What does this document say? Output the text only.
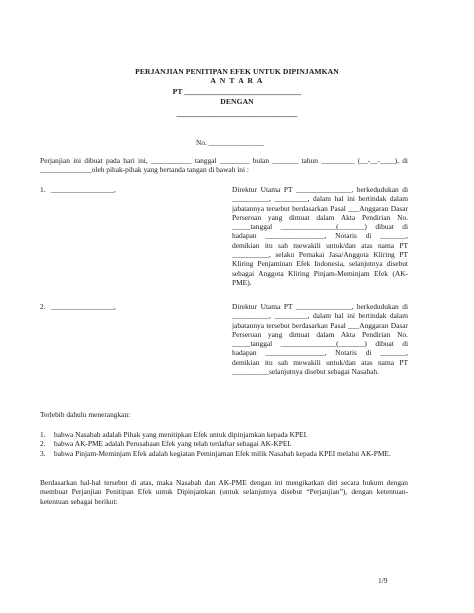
PERJANJIAN PENITIPAN EFEK UNTUK DIPINJAMKAN
A N T A R A
PT ______________________________
DENGAN
_______________________________
No. _______________
Perjanjian ini dibuat pada hari ini, ___________ tanggal ________ bulan _______ tahun _________ (__-__-____), di ______________oleh pihak-pihak yang bertanda tangan di bawah ini :
1. _________________,	Direktur Utama PT _______________, berkedudukan di __________, _________, dalam hal ini bertindak dalam jabatannya tersebut berdasarkan Pasal ___Anggaran Dasar Perseroan yang dimuat dalam Akta Pendirian No. _____tanggal _______________(_______) dibuat di hadapan ________________, Notaris di _______, demikian itu sah mewakili untuk/dan atas nama PT __________, selaku Pemakai Jasa/Anggota Kliring PT Kliring Penjaminan Efek Indonesia, selanjutnya disebut sebagai Anggota Kliring Pinjam-Meminjam Efek (AK-PME).
2. _________________,	Direktur Utama PT _______________, berkedudukan di __________, _________, dalam hal ini bertindak dalam jabatannya tersebut berdasarkan Pasal ___Anggaran Dasar Perseroan yang dimuat dalam Akta Pendirian No. _____tanggal _______________(_______) dibuat di hadapan ________________, Notaris di _______, demikian itu sah mewakili untuk/dan atas nama PT __________selanjutnya disebut sebagai Nasabah.
Terlebih dahulu menerangkan:
1. bahwa Nasabah adalah Pihak yang menitipkan Efek untuk dipinjamkan kepada KPEI.
2. bahwa AK-PME adalah Perusahaan Efek yang telah terdaftar sebagai AK-KPEI.
3. bahwa Pinjam-Meminjam Efek adalah kegiatan Peminjaman Efek milik Nasabah kepada KPEI melalui AK-PME.
Berdasarkan hal-hal tersebut di atas, maka Nasabah dan AK-PME dengan ini mengikatkan diri secara hukum dengan membuat Perjanjian Penitipan Efek untuk Dipinjamkan (untuk selanjutnya disebut “Perjanjian”), dengan ketentuan-ketentuan sebagai berikut:
1/9
